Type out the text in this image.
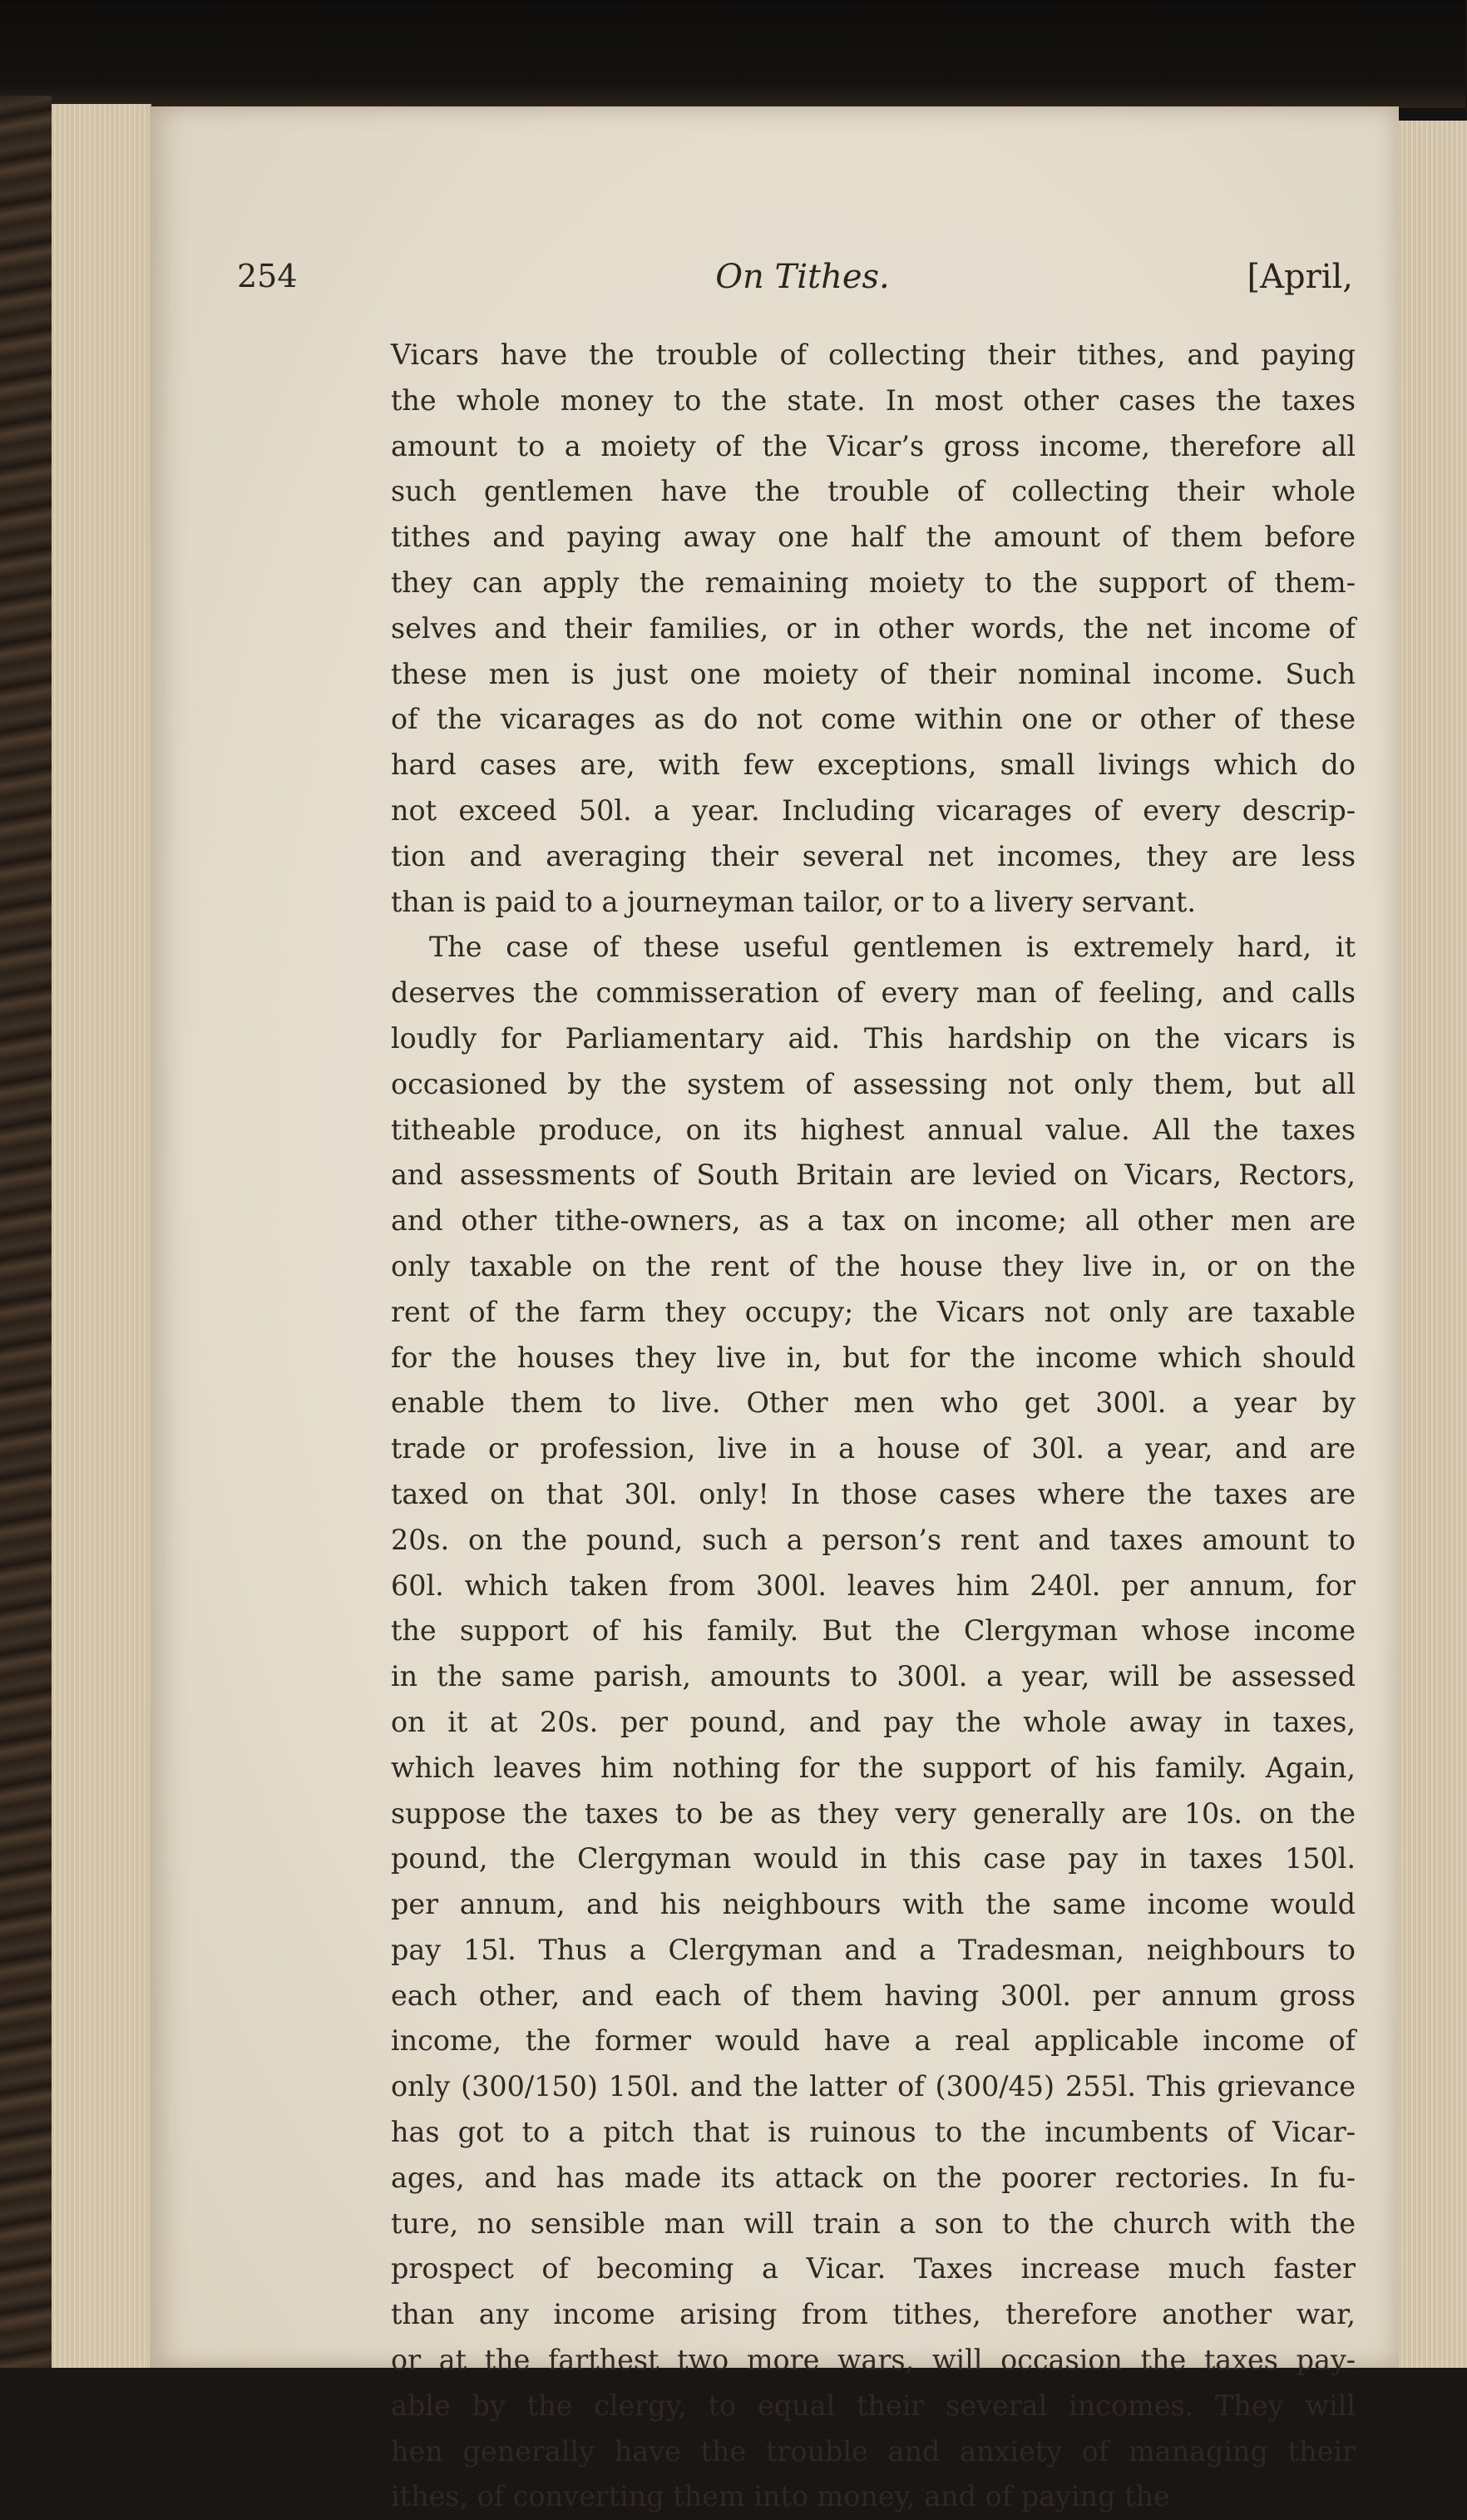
254	On Tithes.	[April,
Vicars have the trouble of collecting their tithes, and paying
the whole money to the state. In most other cases the taxes
amount to a moiety of the Vicar’s gross income, therefore all
such gentlemen have the trouble of collecting their whole
tithes and paying away one half the amount of them before
they can apply the remaining moiety to the support of them-
selves and their families, or in other words, the net income of
these men is just one moiety of their nominal income. Such
of the vicarages as do not come within one or other of these
hard cases are, with few exceptions, small livings which do
not exceed 50l. a year. Including vicarages of every descrip-
tion and averaging their several net incomes, they are less
than is paid to a journeyman tailor, or to a livery servant.
The case of these useful gentlemen is extremely hard, it
deserves the commisseration of every man of feeling, and calls
loudly for Parliamentary aid. This hardship on the vicars is
occasioned by the system of assessing not only them, but all
titheable produce, on its highest annual value. All the taxes
and assessments of South Britain are levied on Vicars, Rectors,
and other tithe-owners, as a tax on income; all other men are
only taxable on the rent of the house they live in, or on the
rent of the farm they occupy; the Vicars not only are taxable
for the houses they live in, but for the income which should
enable them to live. Other men who get 300l. a year by
trade or profession, live in a house of 30l. a year, and are
taxed on that 30l. only! In those cases where the taxes are
20s. on the pound, such a person’s rent and taxes amount to
60l. which taken from 300l. leaves him 240l. per annum, for
the support of his family. But the Clergyman whose income
in the same parish, amounts to 300l. a year, will be assessed
on it at 20s. per pound, and pay the whole away in taxes,
which leaves him nothing for the support of his family. Again,
suppose the taxes to be as they very generally are 10s. on the
pound, the Clergyman would in this case pay in taxes 150l.
per annum, and his neighbours with the same income would
pay 15l. Thus a Clergyman and a Tradesman, neighbours to
each other, and each of them having 300l. per annum gross
income, the former would have a real applicable income of
only (300/150) 150l. and the latter of (300/45) 255l. This grievance
has got to a pitch that is ruinous to the incumbents of Vicar-
ages, and has made its attack on the poorer rectories. In fu-
ture, no sensible man will train a son to the church with the
prospect of becoming a Vicar. Taxes increase much faster
than any income arising from tithes, therefore another war,
or at the farthest two more wars, will occasion the taxes pay-
able by the clergy, to equal their several incomes. They will
hen generally have the trouble and anxiety of managing their
ithes, of converting them into money, and of paying the
